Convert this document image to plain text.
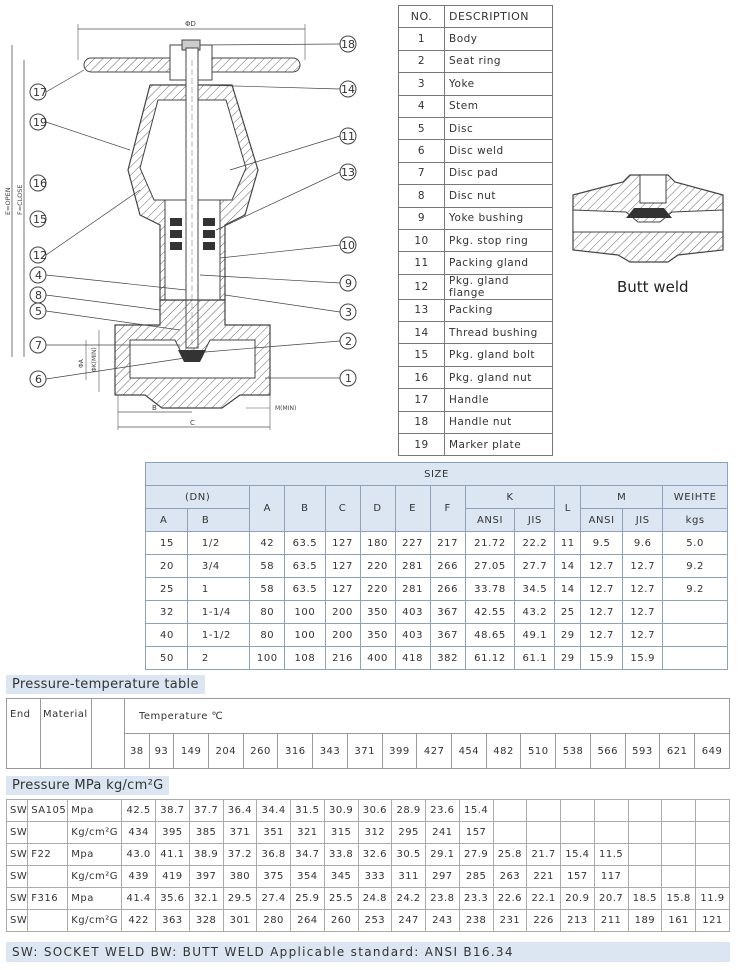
ΦD
E=OPEN F=CLOSE
B
C
M(MIN)
ΦA ΦK(MIN)
17
19
16
15
12
4
8
5
7
6
18
14
11
13
10
9
3
2
1
NO.	DESCRIPTION
1	Body
2	Seat ring
3	Yoke
4	Stem
5	Disc
6	Disc weld
7	Disc pad
8	Disc nut
9	Yoke bushing
10	Pkg. stop ring
11	Packing gland
12	Pkg. gland flange
13	Packing
14	Thread bushing
15	Pkg. gland bolt
16	Pkg. gland nut
17	Handle
18	Handle nut
19	Marker plate
Butt weld
SIZE													
(DN)		A	B	C	D	E	F	K		L	M		WEIHTE
A	B							ANSI	JIS		ANSI	JIS	kgs
15	1/2	42	63.5	127	180	227	217	21.72	22.2	11	9.5	9.6	5.0
20	3/4	58	63.5	127	220	281	266	27.05	27.7	14	12.7	12.7	9.2
25	1	58	63.5	127	220	281	266	33.78	34.5	14	12.7	12.7	9.2
32	1-1/4	80	100	200	350	403	367	42.55	43.2	25	12.7	12.7	
40	1-1/2	80	100	200	350	403	367	48.65	49.1	29	12.7	12.7	
50	2	100	108	216	400	418	382	61.12	61.1	29	15.9	15.9	
Pressure-temperature table
End	Material		Temperature ℃																	
			38	93	149	204	260	316	343	371	399	427	454	482	510	538	566	593	621	649
Pressure MPa kg/cm²G
SW	SA105	Mpa	42.5	38.7	37.7	36.4	34.4	31.5	30.9	30.6	28.9	23.6	15.4							
SW		Kg/cm²G	434	395	385	371	351	321	315	312	295	241	157							
SW	F22	Mpa	43.0	41.1	38.9	37.2	36.8	34.7	33.8	32.6	30.5	29.1	27.9	25.8	21.7	15.4	11.5			
SW		Kg/cm²G	439	419	397	380	375	354	345	333	311	297	285	263	221	157	117			
SW	F316	Mpa	41.4	35.6	32.1	29.5	27.4	25.9	25.5	24.8	24.2	23.8	23.3	22.6	22.1	20.9	20.7	18.5	15.8	11.9
SW		Kg/cm²G	422	363	328	301	280	264	260	253	247	243	238	231	226	213	211	189	161	121
SW: SOCKET WELD BW: BUTT WELD Applicable standard: ANSI B16.34
